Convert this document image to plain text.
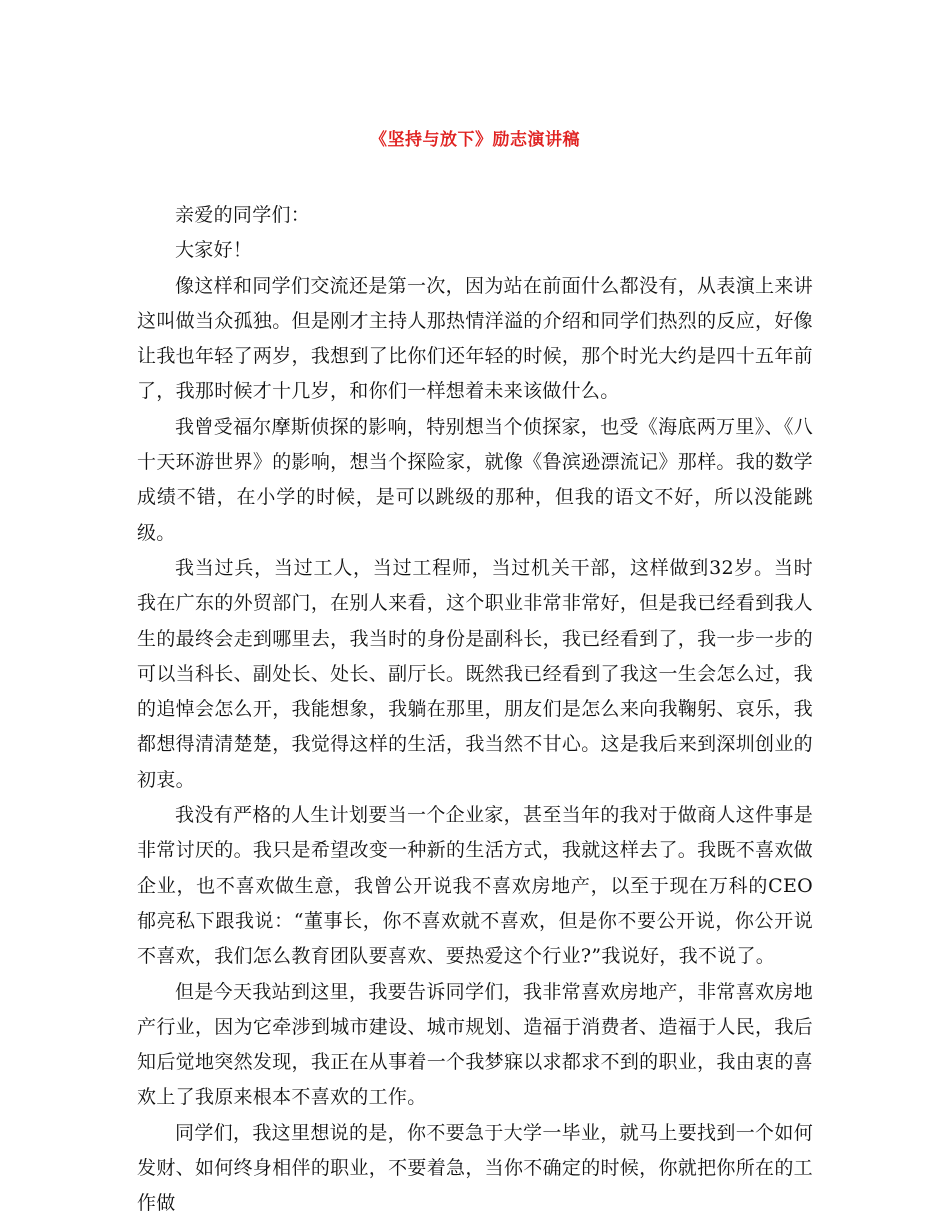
《坚持与放下》励志演讲稿

亲爱的同学们：

大家好！

像这样和同学们交流还是第一次，因为站在前面什么都没有，从表演上来讲这叫做当众孤独。但是刚才主持人那热情洋溢的介绍和同学们热烈的反应，好像让我也年轻了两岁，我想到了比你们还年轻的时候，那个时光大约是四十五年前了，我那时候才十几岁，和你们一样想着未来该做什么。

我曾受福尔摩斯侦探的影响，特别想当个侦探家，也受《海底两万里》、《八十天环游世界》的影响，想当个探险家，就像《鲁滨逊漂流记》那样。我的数学成绩不错，在小学的时候，是可以跳级的那种，但我的语文不好，所以没能跳级。

我当过兵，当过工人，当过工程师，当过机关干部，这样做到32岁。当时我在广东的外贸部门，在别人来看，这个职业非常非常好，但是我已经看到我人生的最终会走到哪里去，我当时的身份是副科长，我已经看到了，我一步一步的可以当科长、副处长、处长、副厅长。既然我已经看到了我这一生会怎么过，我的追悼会怎么开，我能想象，我躺在那里，朋友们是怎么来向我鞠躬、哀乐，我都想得清清楚楚，我觉得这样的生活，我当然不甘心。这是我后来到深圳创业的初衷。

我没有严格的人生计划要当一个企业家，甚至当年的我对于做商人这件事是非常讨厌的。我只是希望改变一种新的生活方式，我就这样去了。我既不喜欢做企业，也不喜欢做生意，我曾公开说我不喜欢房地产，以至于现在万科的CEO郁亮私下跟我说：“董事长，你不喜欢就不喜欢，但是你不要公开说，你公开说不喜欢，我们怎么教育团队要喜欢、要热爱这个行业?”我说好，我不说了。

但是今天我站到这里，我要告诉同学们，我非常喜欢房地产，非常喜欢房地产行业，因为它牵涉到城市建设、城市规划、造福于消费者、造福于人民，我后知后觉地突然发现，我正在从事着一个我梦寐以求都求不到的职业，我由衷的喜欢上了我原来根本不喜欢的工作。

同学们，我这里想说的是，你不要急于大学一毕业，就马上要找到一个如何发财、如何终身相伴的职业，不要着急，当你不确定的时候，你就把你所在的工作做
